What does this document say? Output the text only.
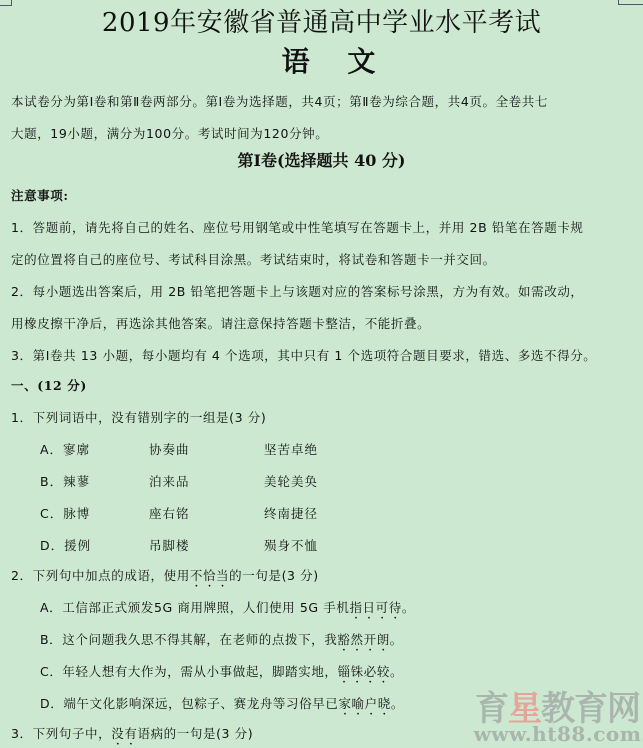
2019年安徽省普通高中学业水平考试
语 文
本试卷分为第Ⅰ卷和第Ⅱ卷两部分。第Ⅰ卷为选择题，共4页；第Ⅱ卷为综合题，共4页。全卷共七
大题，19小题，满分为100分。考试时间为120分钟。
第Ⅰ卷(选择题共 40 分)
注意事项:
1．答题前，请先将自己的姓名、座位号用钢笔或中性笔填写在答题卡上，并用 2B 铅笔在答题卡规
定的位置将自己的座位号、考试科目涂黑。考试结束时，将试卷和答题卡一并交回。
2．每小题选出答案后，用 2B 铅笔把答题卡上与该题对应的答案标号涂黑，方为有效。如需改动，
用橡皮擦干净后，再选涂其他答案。请注意保持答题卡整洁，不能折叠。
3．第Ⅰ卷共 13 小题，每小题均有 4 个选项，其中只有 1 个选项符合题目要求，错选、多选不得分。
一、(12 分)
1．下列词语中，没有错别字的一组是(3 分)
A．寥廓	协奏曲	坚苦卓绝
B．辣蓼	泊来品	美轮美奂
C．脉博	座右铭	终南捷径
D．援例	吊脚楼	殒身不恤
2．下列句中加点的成语，使用不恰当的一句是(3 分)
A．工信部正式颁发5G 商用牌照，人们使用 5G 手机指日可待。
B．这个问题我久思不得其解，在老师的点拨下，我豁然开朗。
C．年轻人想有大作为，需从小事做起，脚踏实地，锱铢必较。
D．端午文化影响深远，包粽子、赛龙舟等习俗早已家喻户晓。
3．下列句子中，没有语病的一句是(3 分)
育星教育网
www.ht88.com
